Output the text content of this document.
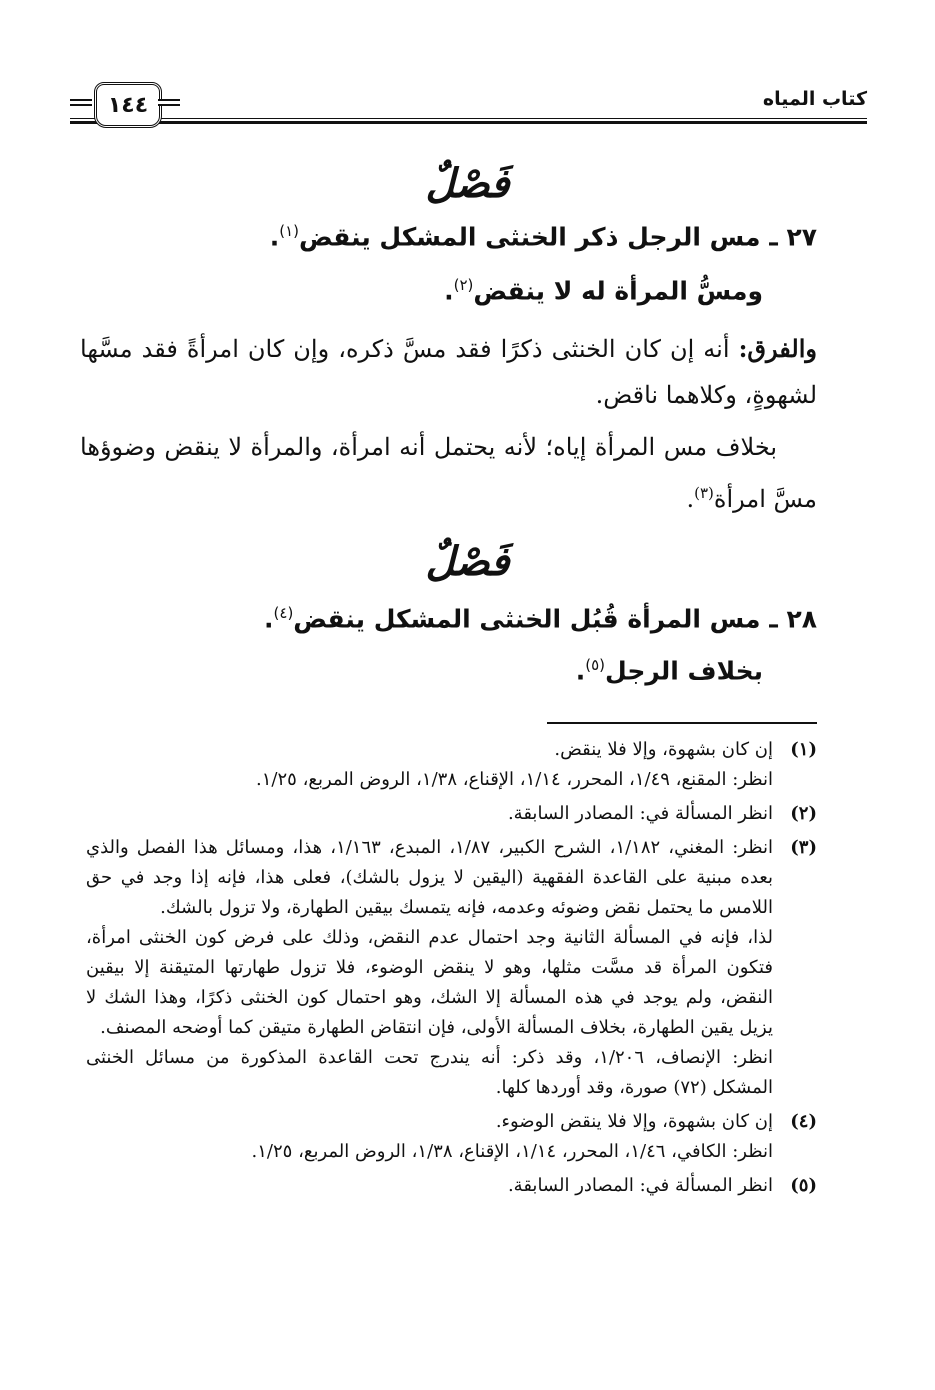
كتاب المياه
١٤٤
فَصْلٌ
٢٧ ـ مس الرجل ذكر الخنثى المشكل ينقض$^{(١)}$.
ومسُّ المرأة له لا ينقض$^{(٢)}$.
والفرق: أنه إن كان الخنثى ذكرًا فقد مسَّ ذكره، وإن كان امرأةً فقد مسَّها لشهوةٍ، وكلاهما ناقض.
بخلاف مس المرأة إياه؛ لأنه يحتمل أنه امرأة، والمرأة لا ينقض وضوؤها مسَّ امرأة$^{(٣)}$.
فَصْلٌ
٢٨ ـ مس المرأة قُبُل الخنثى المشكل ينقض$^{(٤)}$.
بخلاف الرجل$^{(٥)}$.
(١)

إن كان بشهوة، وإلا فلا ينقض.

انظر: المقنع، ١/٤٩، المحرر، ١/١٤، الإقناع، ١/٣٨، الروض المربع، ١/٢٥.

(٢)

انظر المسألة في: المصادر السابقة.

(٣)

انظر: المغني، ١/١٨٢، الشرح الكبير، ١/٨٧، المبدع، ١/١٦٣، هذا، ومسائل هذا الفصل والذي بعده مبنية على القاعدة الفقهية (اليقين لا يزول بالشك)، فعلى هذا، فإنه إذا وجد في حق اللامس ما يحتمل نقض وضوئه وعدمه، فإنه يتمسك بيقين الطهارة، ولا تزول بالشك.

لذا، فإنه في المسألة الثانية وجد احتمال عدم النقض، وذلك على فرض كون الخنثى امرأة، فتكون المرأة قد مسَّت مثلها، وهو لا ينقض الوضوء، فلا تزول طهارتها المتيقنة إلا بيقين النقض، ولم يوجد في هذه المسألة إلا الشك، وهو احتمال كون الخنثى ذكرًا، وهذا الشك لا يزيل يقين الطهارة، بخلاف المسألة الأولى، فإن انتقاض الطهارة متيقن كما أوضحه المصنف.

انظر: الإنصاف، ١/٢٠٦، وقد ذكر: أنه يندرج تحت القاعدة المذكورة من مسائل الخنثى المشكل (٧٢) صورة، وقد أوردها كلها.

(٤)

إن كان بشهوة، وإلا فلا ينقض الوضوء.

انظر: الكافي، ١/٤٦، المحرر، ١/١٤، الإقناع، ١/٣٨، الروض المربع، ١/٢٥.

(٥)

انظر المسألة في: المصادر السابقة.
